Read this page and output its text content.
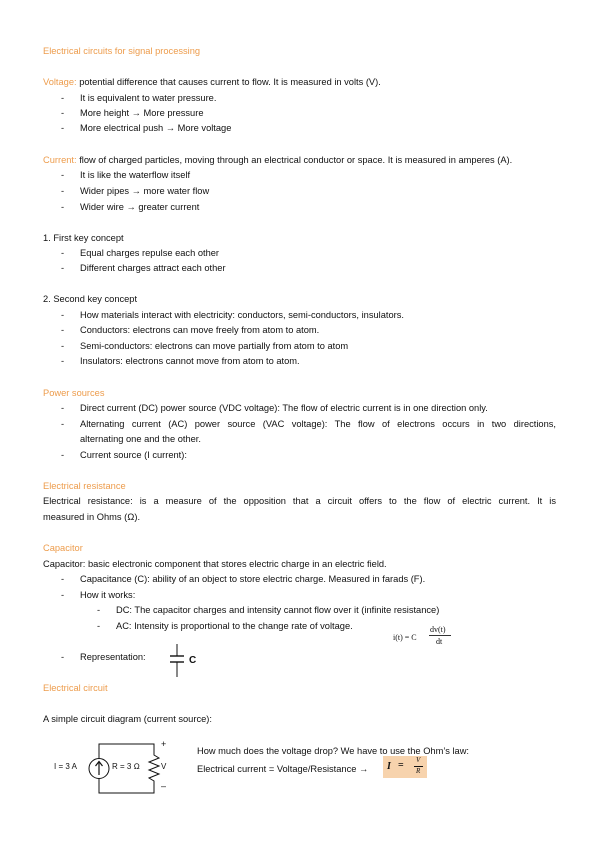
Electrical circuits for signal processing
Voltage: potential difference that causes current to flow. It is measured in volts (V).
- It is equivalent to water pressure.
- More height → More pressure
- More electrical push → More voltage
Current: flow of charged particles, moving through an electrical conductor or space. It is measured in amperes (A).
- It is like the waterflow itself
- Wider pipes → more water flow
- Wider wire → greater current
1. First key concept
- Equal charges repulse each other
- Different charges attract each other
2. Second key concept
- How materials interact with electricity: conductors, semi-conductors, insulators.
- Conductors: electrons can move freely from atom to atom.
- Semi-conductors: electrons can move partially from atom to atom
- Insulators: electrons cannot move from atom to atom.
Power sources
- Direct current (DC) power source (VDC voltage): The flow of electric current is in one direction only.
- Alternating current (AC) power source (VAC voltage): The flow of electrons occurs in two directions,
alternating one and the other.
- Current source (I current):
Electrical resistance
Electrical resistance: is a measure of the opposition that a circuit offers to the flow of electric current. It is
measured in Ohms (Ω).
Capacitor
Capacitor: basic electronic component that stores electric charge in an electric field.
- Capacitance (C): ability of an object to store electric charge. Measured in farads (F).
- How it works:
- DC: The capacitor charges and intensity cannot flow over it (infinite resistance)
- AC: Intensity is proportional to the change rate of voltage.
i(t) = C
dv(t)
dt
- Representation:	C
Electrical circuit
A simple circuit diagram (current source):
I = 3 A	R = 3 Ω
+
V
–
How much does the voltage drop? We have to use the Ohm’s law:
Electrical current = Voltage/Resistance → I = V
R
